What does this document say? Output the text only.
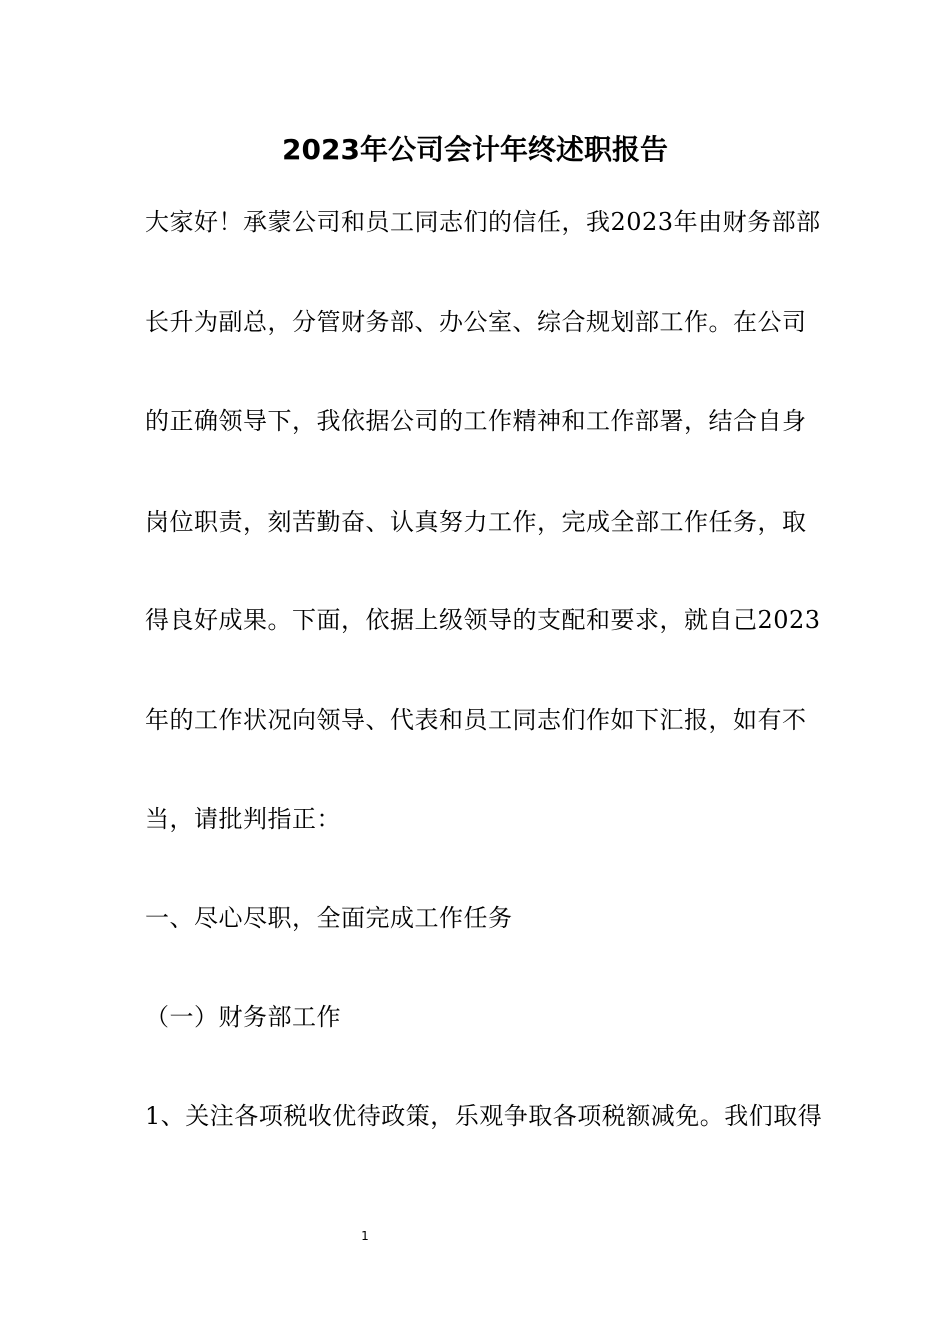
2023年公司会计年终述职报告
大家好！承蒙公司和员工同志们的信任，我2023年由财务部部
长升为副总，分管财务部、办公室、综合规划部工作。在公司
的正确领导下，我依据公司的工作精神和工作部署，结合自身
岗位职责，刻苦勤奋、认真努力工作，完成全部工作任务，取
得良好成果。下面，依据上级领导的支配和要求，就自己2023
年的工作状况向领导、代表和员工同志们作如下汇报，如有不
当，请批判指正：
一、尽心尽职，全面完成工作任务
（一）财务部工作
1、关注各项税收优待政策，乐观争取各项税额减免。我们取得
1
